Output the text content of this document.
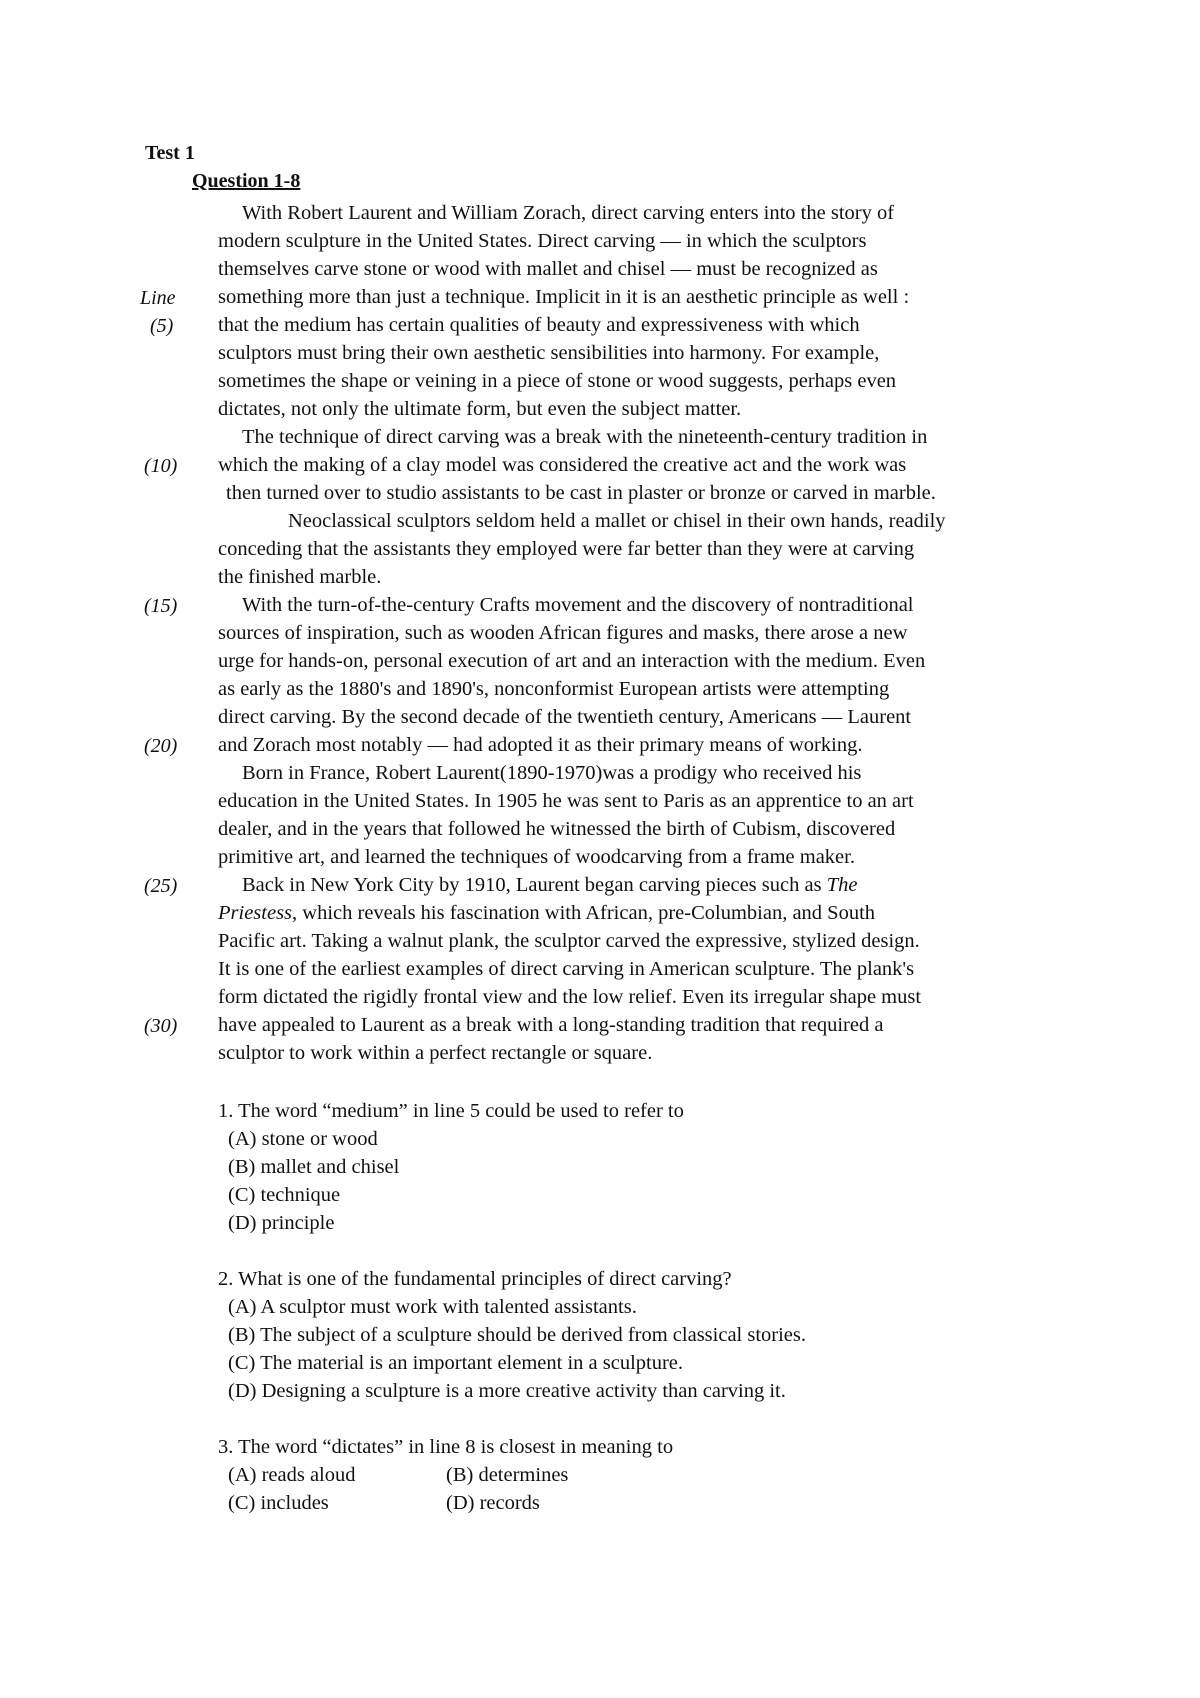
Test 1
Question 1-8
With Robert Laurent and William Zorach, direct carving enters into the story of
modern sculpture in the United States. Direct carving — in which the sculptors
themselves carve stone or wood with mallet and chisel — must be recognized as
something more than just a technique. Implicit in it is an aesthetic principle as well :
that the medium has certain qualities of beauty and expressiveness with which
sculptors must bring their own aesthetic sensibilities into harmony. For example,
sometimes the shape or veining in a piece of stone or wood suggests, perhaps even
dictates, not only the ultimate form, but even the subject matter.
The technique of direct carving was a break with the nineteenth-century tradition in
which the making of a clay model was considered the creative act and the work was
then turned over to studio assistants to be cast in plaster or bronze or carved in marble.
Neoclassical sculptors seldom held a mallet or chisel in their own hands, readily
conceding that the assistants they employed were far better than they were at carving
the finished marble.
With the turn-of-the-century Crafts movement and the discovery of nontraditional
sources of inspiration, such as wooden African figures and masks, there arose a new
urge for hands-on, personal execution of art and an interaction with the medium. Even
as early as the 1880's and 1890's, nonconformist European artists were attempting
direct carving. By the second decade of the twentieth century, Americans — Laurent
and Zorach most notably — had adopted it as their primary means of working.
Born in France, Robert Laurent(1890-1970)was a prodigy who received his
education in the United States. In 1905 he was sent to Paris as an apprentice to an art
dealer, and in the years that followed he witnessed the birth of Cubism, discovered
primitive art, and learned the techniques of woodcarving from a frame maker.
Back in New York City by 1910, Laurent began carving pieces such as The
Priestess, which reveals his fascination with African, pre-Columbian, and South
Pacific art. Taking a walnut plank, the sculptor carved the expressive, stylized design.
It is one of the earliest examples of direct carving in American sculpture. The plank's
form dictated the rigidly frontal view and the low relief. Even its irregular shape must
have appealed to Laurent as a break with a long-standing tradition that required a
sculptor to work within a perfect rectangle or square.
Line
(5)
(10)
(15)
(20)
(25)
(30)
1. The word “medium” in line 5 could be used to refer to
(A) stone or wood
(B) mallet and chisel
(C) technique
(D) principle
2. What is one of the fundamental principles of direct carving?
(A) A sculptor must work with talented assistants.
(B) The subject of a sculpture should be derived from classical stories.
(C) The material is an important element in a sculpture.
(D) Designing a sculpture is a more creative activity than carving it.
3. The word “dictates” in line 8 is closest in meaning to
(A) reads aloud	(B) determines
(C) includes	(D) records
